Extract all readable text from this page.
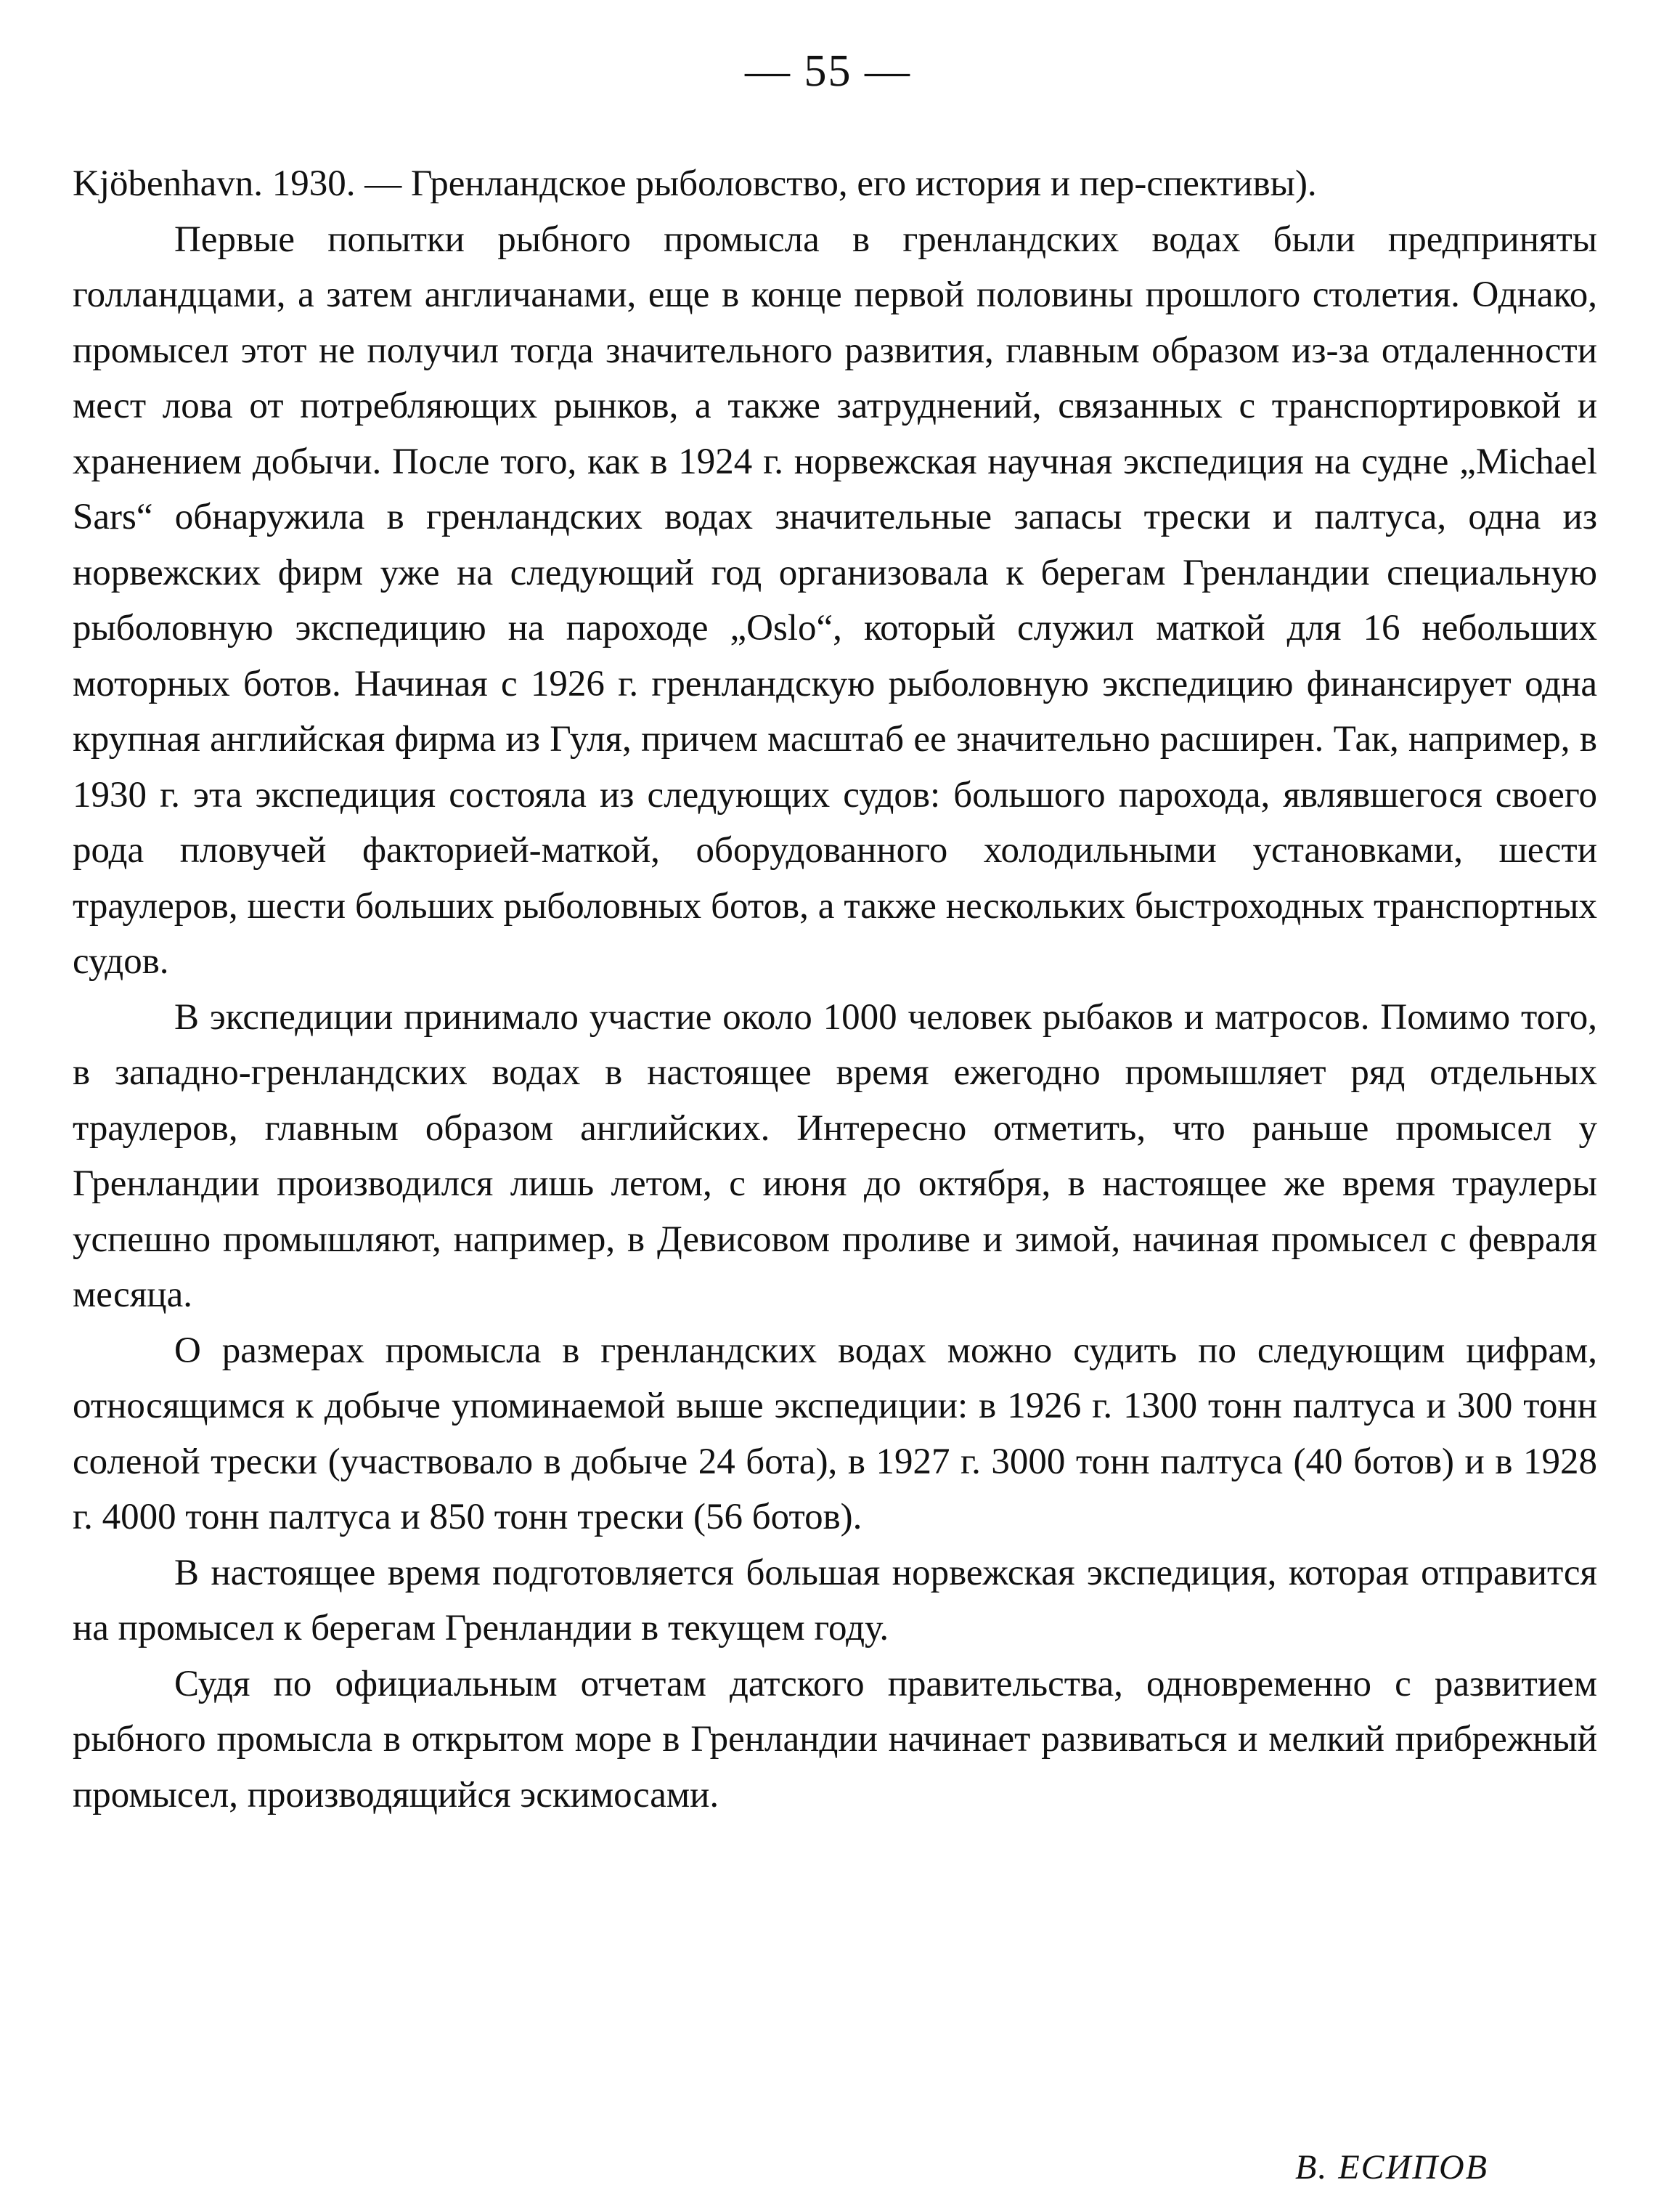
— 55 —

Kjöbenhavn. 1930. — Гренландское рыболовство, его история и пер-спективы).

Первые попытки рыбного промысла в гренландских водах были предприняты голландцами, а затем англичанами, еще в конце первой половины прошлого столетия. Однако, промысел этот не получил тогда значительного развития, главным образом из-за отдаленности мест лова от потребляющих рынков, а также затруднений, связанных с транспортировкой и хранением добычи. После того, как в 1924 г. норвежская научная экспедиция на судне „Michael Sars“ обнаружила в гренландских водах значительные запасы трески и палтуса, одна из норвежских фирм уже на следующий год организовала к берегам Гренландии специальную рыболовную экспедицию на пароходе „Oslo“, который служил маткой для 16 небольших моторных ботов. Начиная с 1926 г. гренландскую рыболовную экспедицию финансирует одна крупная английская фирма из Гуля, причем масштаб ее значительно расширен. Так, например, в 1930 г. эта экспедиция состояла из следующих судов: большого парохода, являвшегося своего рода пловучей факторией-маткой, оборудованного холодильными установками, шести траулеров, шести больших рыболовных ботов, а также нескольких быстроходных транспортных судов.

В экспедиции принимало участие около 1000 человек рыбаков и матросов. Помимо того, в западно-гренландских водах в настоящее время ежегодно промышляет ряд отдельных траулеров, главным образом английских. Интересно отметить, что раньше промысел у Гренландии производился лишь летом, с июня до октября, в настоящее же время траулеры успешно промышляют, например, в Девисовом проливе и зимой, начиная промысел с февраля месяца.

О размерах промысла в гренландских водах можно судить по следующим цифрам, относящимся к добыче упоминаемой выше экспедиции: в 1926 г. 1300 тонн палтуса и 300 тонн соленой трески (участвовало в добыче 24 бота), в 1927 г. 3000 тонн палтуса (40 ботов) и в 1928 г. 4000 тонн палтуса и 850 тонн трески (56 ботов).

В настоящее время подготовляется большая норвежская экспедиция, которая отправится на промысел к берегам Гренландии в текущем году.

Судя по официальным отчетам датского правительства, одновременно с развитием рыбного промысла в открытом море в Гренландии начинает развиваться и мелкий прибрежный промысел, производящийся эскимосами.

В. ЕСИПОВ
